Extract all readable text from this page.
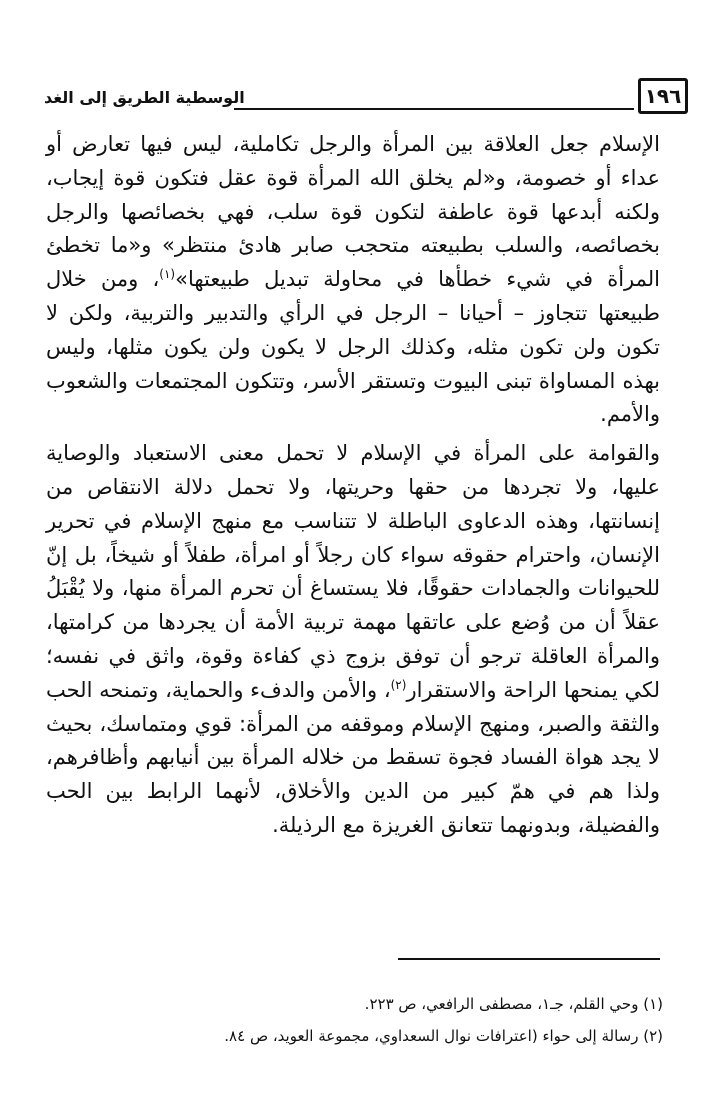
١٩٦
الوسطية الطريق إلى الغد

الإسلام جعل العلاقة بين المرأة والرجل تكاملية، ليس فيها تعارض أو عداء أو خصومة، و«لم يخلق الله المرأة قوة عقل فتكون قوة إيجاب، ولكنه أبدعها قوة عاطفة لتكون قوة سلب، فهي بخصائصها والرجل بخصائصه، والسلب بطبيعته متحجب صابر هادئ منتظر» و«ما تخطئ المرأة في شيء خطأها في محاولة تبديل طبيعتها»$^{(١)}$، ومن خلال طبيعتها تتجاوز – أحيانا – الرجل في الرأي والتدبير والتربية، ولكن لا تكون ولن تكون مثله، وكذلك الرجل لا يكون ولن يكون مثلها، وليس بهذه المساواة تبنى البيوت وتستقر الأسر، وتتكون المجتمعات والشعوب والأمم.

والقوامة على المرأة في الإسلام لا تحمل معنى الاستعباد والوصاية عليها، ولا تجردها من حقها وحريتها، ولا تحمل دلالة الانتقاص من إنسانتها، وهذه الدعاوى الباطلة لا تتناسب مع منهج الإسلام في تحرير الإنسان، واحترام حقوقه سواء كان رجلاً أو امرأة، طفلاً أو شيخاً، بل إنّ للحيوانات والجمادات حقوقًا، فلا يستساغ أن تحرم المرأة منها، ولا يُقْبَلُ عقلاً أن من وُضع على عاتقها مهمة تربية الأمة أن يجردها من كرامتها، والمرأة العاقلة ترجو أن توفق بزوج ذي كفاءة وقوة، واثق في نفسه؛ لكي يمنحها الراحة والاستقرار$^{(٢)}$، والأمن والدفء والحماية، وتمنحه الحب والثقة والصبر، ومنهج الإسلام وموقفه من المرأة: قوي ومتماسك، بحيث لا يجد هواة الفساد فجوة تسقط من خلاله المرأة بين أنيابهم وأظافرهم، ولذا هم في همّ كبير من الدين والأخلاق، لأنهما الرابط بين الحب والفضيلة، وبدونهما تتعانق الغريزة مع الرذيلة.

(١) وحي القلم، جـ١، مصطفى الرافعي، ص ٢٢٣.

(٢) رسالة إلى حواء (اعترافات نوال السعداوي، مجموعة العويد، ص ٨٤.
